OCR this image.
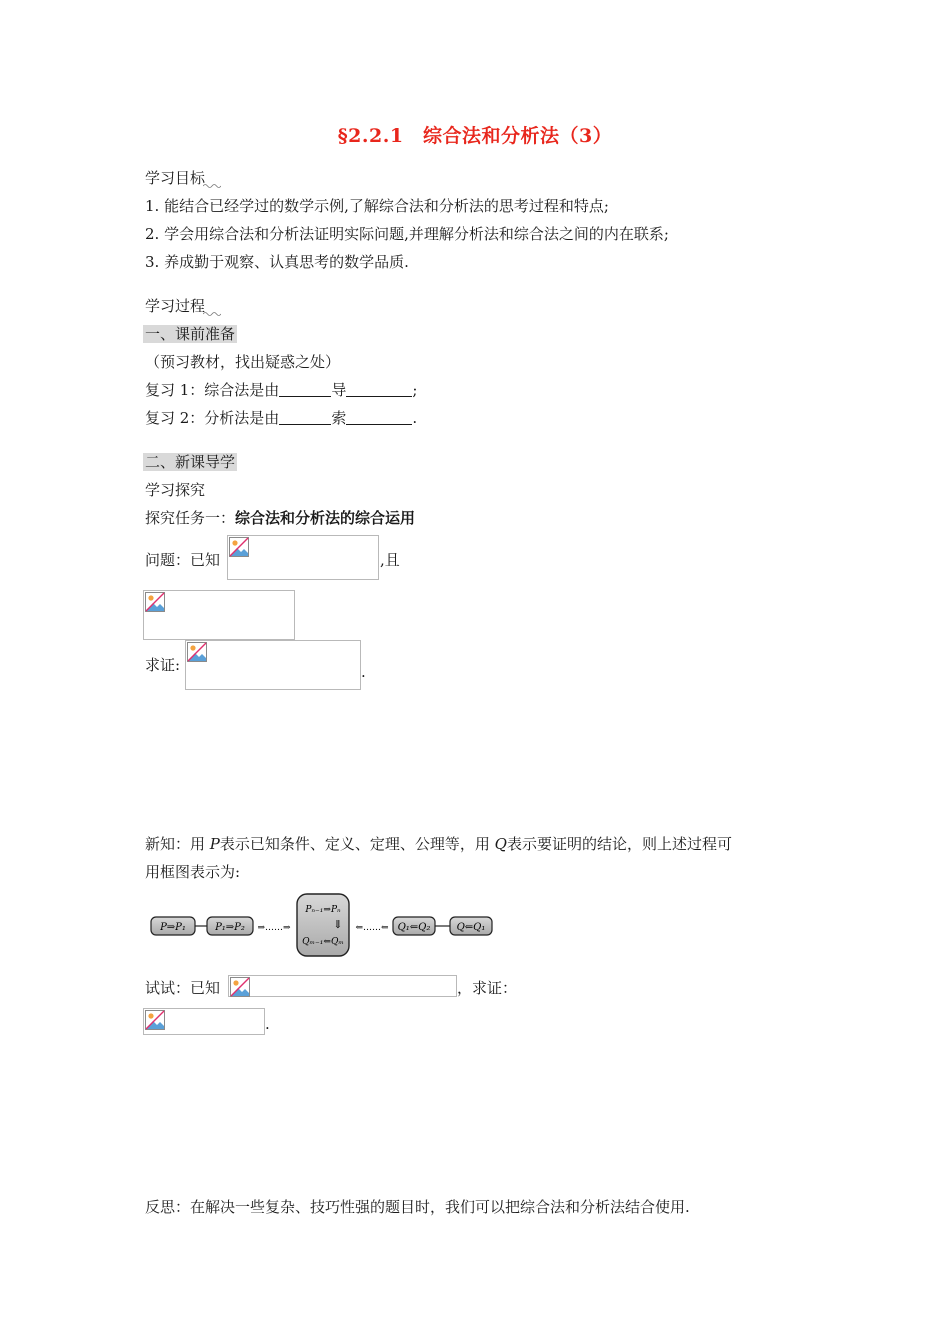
§2.2.1　综合法和分析法（3）
学习目标
1. 能结合已经学过的数学示例,了解综合法和分析法的思考过程和特点;
2. 学会用综合法和分析法证明实际问题,并理解分析法和综合法之间的内在联系;
3. 养成勤于观察、认真思考的数学品质.
学习过程
一、课前准备
（预习教材，找出疑惑之处）
复习 1：综合法是由	导	;
复习 2：分析法是由	索	.
二、新课导学
学习探究
探究任务一：综合法和分析法的综合运用
问题：已知	,且
求证:	.
新知：用 P表示已知条件、定义、定理、公理等，用 Q表示要证明的结论，则上述过程可
用框图表示为:
P⇒P₁	P₁⇒P₂ ⇒……⇒
Pₙ₋₁⇒Pₙ
⇓
Qₘ₋₁⇐Qₘ
⇐……⇐ Q₁⇐Q₂	Q⇐Q₁
试试：已知	，求证：
.
反思：在解决一些复杂、技巧性强的题目时，我们可以把综合法和分析法结合使用.
